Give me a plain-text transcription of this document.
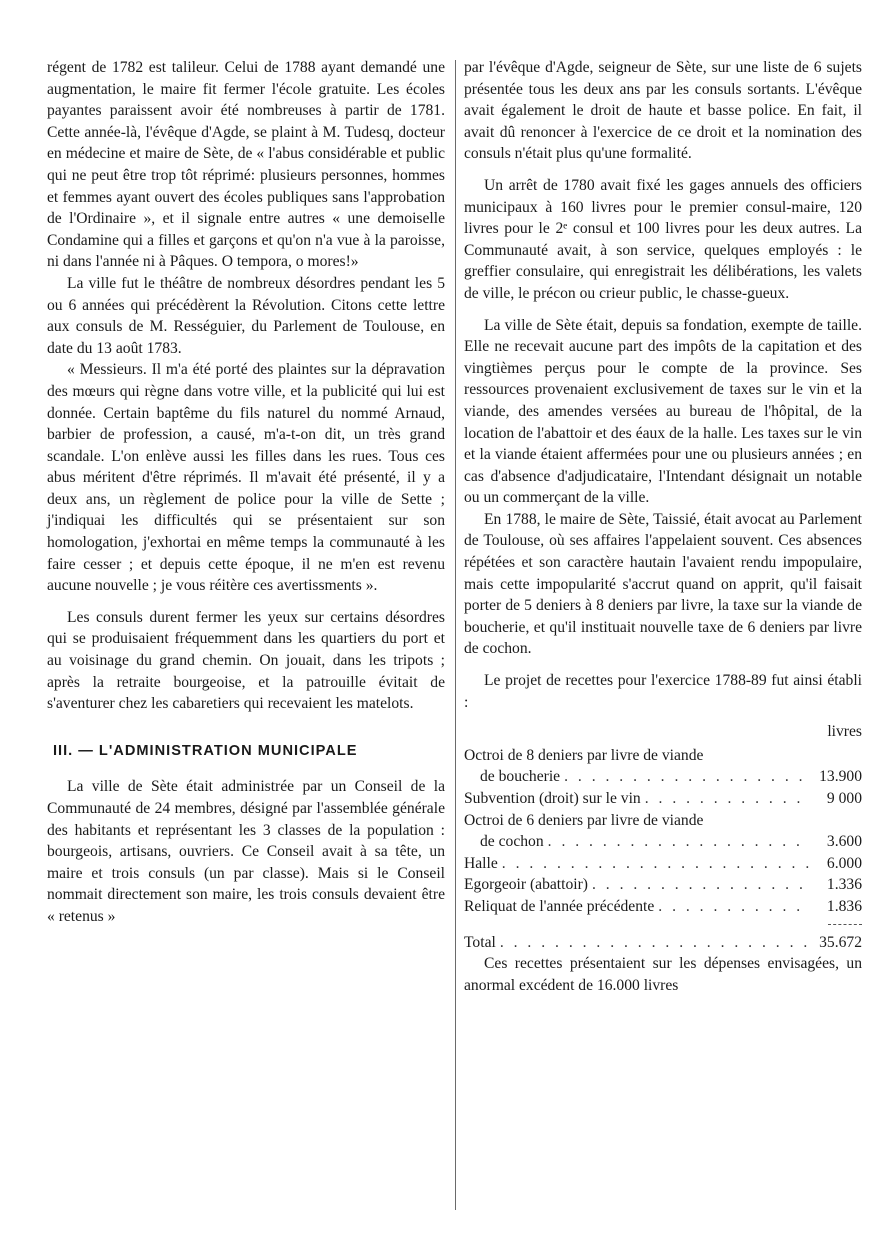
régent de 1782 est talileur. Celui de 1788 ayant demandé une augmentation, le maire fit fermer l'école gratuite. Les écoles payantes paraissent avoir été nombreuses à partir de 1781. Cette année-là, l'évêque d'Agde, se plaint à M. Tudesq, docteur en médecine et maire de Sète, de « l'abus considérable et public qui ne peut être trop tôt réprimé: plusieurs personnes, hommes et femmes ayant ouvert des écoles publiques sans l'approbation de l'Ordinaire », et il signale entre autres « une demoiselle Condamine qui a filles et garçons et qu'on n'a vue à la paroisse, ni dans l'année ni à Pâques. O tempora, o mores!»

La ville fut le théâtre de nombreux désordres pendant les 5 ou 6 années qui précédèrent la Révolution. Citons cette lettre aux consuls de M. Rességuier, du Parlement de Toulouse, en date du 13 août 1783.

« Messieurs. Il m'a été porté des plaintes sur la dépravation des mœurs qui règne dans votre ville, et la publicité qui lui est donnée. Certain baptême du fils naturel du nommé Arnaud, barbier de profession, a causé, m'a-t-on dit, un très grand scandale. L'on enlève aussi les filles dans les rues. Tous ces abus méritent d'être réprimés. Il m'avait été présenté, il y a deux ans, un règlement de police pour la ville de Sette ; j'indiquai les difficultés qui se présentaient sur son homologation, j'exhortai en même temps la communauté à les faire cesser ; et depuis cette époque, il ne m'en est revenu aucune nouvelle ; je vous réitère ces avertissments ».

Les consuls durent fermer les yeux sur certains désordres qui se produisaient fréquemment dans les quartiers du port et au voisinage du grand chemin. On jouait, dans les tripots ; après la retraite bourgeoise, et la patrouille évitait de s'aventurer chez les cabaretiers qui recevaient les matelots.

III. — L'ADMINISTRATION MUNICIPALE

La ville de Sète était administrée par un Conseil de la Communauté de 24 membres, désigné par l'assemblée générale des habitants et représentant les 3 classes de la population : bourgeois, artisans, ouvriers. Ce Conseil avait à sa tête, un maire et trois consuls (un par classe). Mais si le Conseil nommait directement son maire, les trois consuls devaient être « retenus »

par l'évêque d'Agde, seigneur de Sète, sur une liste de 6 sujets présentée tous les deux ans par les consuls sortants. L'évêque avait également le droit de haute et basse police. En fait, il avait dû renoncer à l'exercice de ce droit et la nomination des consuls n'était plus qu'une formalité.

Un arrêt de 1780 avait fixé les gages annuels des officiers municipaux à 160 livres pour le premier consul-maire, 120 livres pour le 2ᵉ consul et 100 livres pour les deux autres. La Communauté avait, à son service, quelques employés : le greffier consulaire, qui enregistrait les délibérations, les valets de ville, le précon ou crieur public, le chasse-gueux.

La ville de Sète était, depuis sa fondation, exempte de taille. Elle ne recevait aucune part des impôts de la capitation et des vingtièmes perçus pour le compte de la province. Ses ressources provenaient exclusivement de taxes sur le vin et la viande, des amendes versées au bureau de l'hôpital, de la location de l'abattoir et des éaux de la halle. Les taxes sur le vin et la viande étaient affermées pour une ou plusieurs années ; en cas d'absence d'adjudicataire, l'Intendant désignait un notable ou un commerçant de la ville.

En 1788, le maire de Sète, Taissié, était avocat au Parlement de Toulouse, où ses affaires l'appelaient souvent. Ces absences répétées et son caractère hautain l'avaient rendu impopulaire, mais cette impopularité s'accrut quand on apprit, qu'il faisait porter de 5 deniers à 8 deniers par livre, la taxe sur la viande de boucherie, et qu'il instituait nouvelle taxe de 6 deniers par livre de cochon.

Le projet de recettes pour l'exercice 1788-89 fut ainsi établi :

livres
Octroi de 8 deniers par livre de viande
de boucherie . . .	13.900
Subvention (droit) sur le vin . . .	9 000
Octroi de 6 deniers par livre de viande
de cochon . . .	3.600
Halle . . .	6.000
Egorgeoir (abattoir) . . .	1.336
Reliquat de l'année précédente . . .	1.836
Total . . .	35.672

Ces recettes présentaient sur les dépenses envisagées, un anormal excédent de 16.000 livres
